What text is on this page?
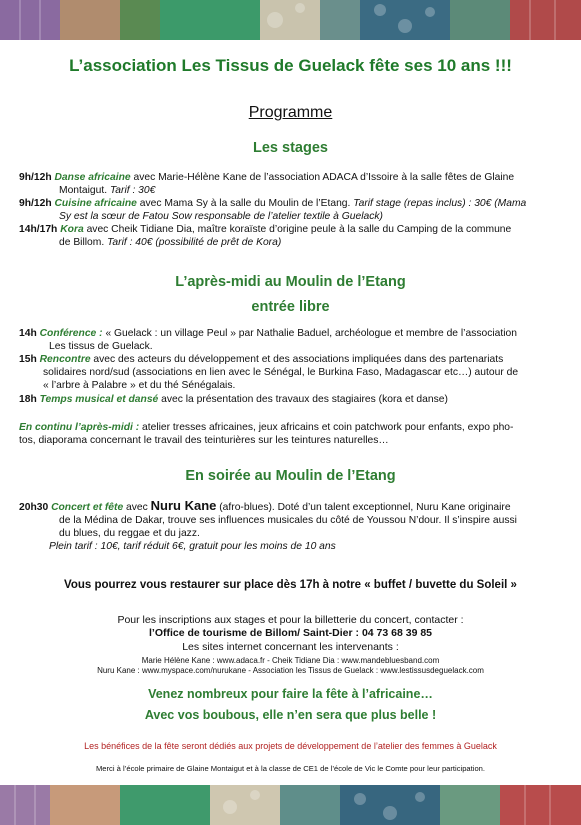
L’association Les Tissus de Guelack fête ses 10 ans !!!
Programme
Les stages
9h/12h Danse africaine avec Marie-Hélène Kane de l’association ADACA d’Issoire à la salle fêtes de Glaine
Montaigut. Tarif : 30€
9h/12h Cuisine africaine avec Mama Sy à la salle du Moulin de l’Etang. Tarif stage (repas inclus) : 30€ (Mama
Sy est la sœur de Fatou Sow responsable de l’atelier textile à Guelack)
14h/17h Kora avec Cheik Tidiane Dia, maître koraïste d’origine peule à la salle du Camping de la commune
de Billom. Tarif : 40€ (possibilité de prêt de Kora)
L’après-midi au Moulin de l’Etang
entrée libre
14h Conférence : « Guelack : un village Peul » par Nathalie Baduel, archéologue et membre de l’association
Les tissus de Guelack.
15h Rencontre avec des acteurs du développement et des associations impliquées dans des partenariats
solidaires nord/sud (associations en lien avec le Sénégal, le Burkina Faso, Madagascar etc…) autour de
« l’arbre à Palabre » et du thé Sénégalais.
18h Temps musical et dansé avec la présentation des travaux des stagiaires (kora et danse)
En continu l’après-midi : atelier tresses africaines, jeux africains et coin patchwork pour enfants, expo pho-
tos, diaporama concernant le travail des teinturières sur les teintures naturelles…
En soirée au Moulin de l’Etang
20h30 Concert et fête avec Nuru Kane (afro-blues). Doté d’un talent exceptionnel, Nuru Kane originaire
de la Médina de Dakar, trouve ses influences musicales du côté de Youssou N’dour. Il s’inspire aussi
du blues, du reggae et du jazz.
Plein tarif : 10€, tarif réduit 6€, gratuit pour les moins de 10 ans
Vous pourrez vous restaurer sur place dès 17h à notre « buffet / buvette du Soleil »
Pour les inscriptions aux stages et pour la billetterie du concert, contacter :
l’Office de tourisme de Billom/ Saint-Dier : 04 73 68 39 85
Les sites internet concernant les intervenants :
Marie Hélène Kane : www.adaca.fr - Cheik Tidiane Dia : www.mandebluesband.com
Nuru Kane : www.myspace.com/nurukane - Association les Tissus de Guelack : www.lestissusdeguelack.com
Venez nombreux pour faire la fête à l’africaine…
Avec vos boubous, elle n’en sera que plus belle !
Les bénéfices de la fête seront dédiés aux projets de développement de l’atelier des femmes à Guelack
Merci à l’école primaire de Glaine Montaigut et à la classe de CE1 de l’école de Vic le Comte pour leur participation.
